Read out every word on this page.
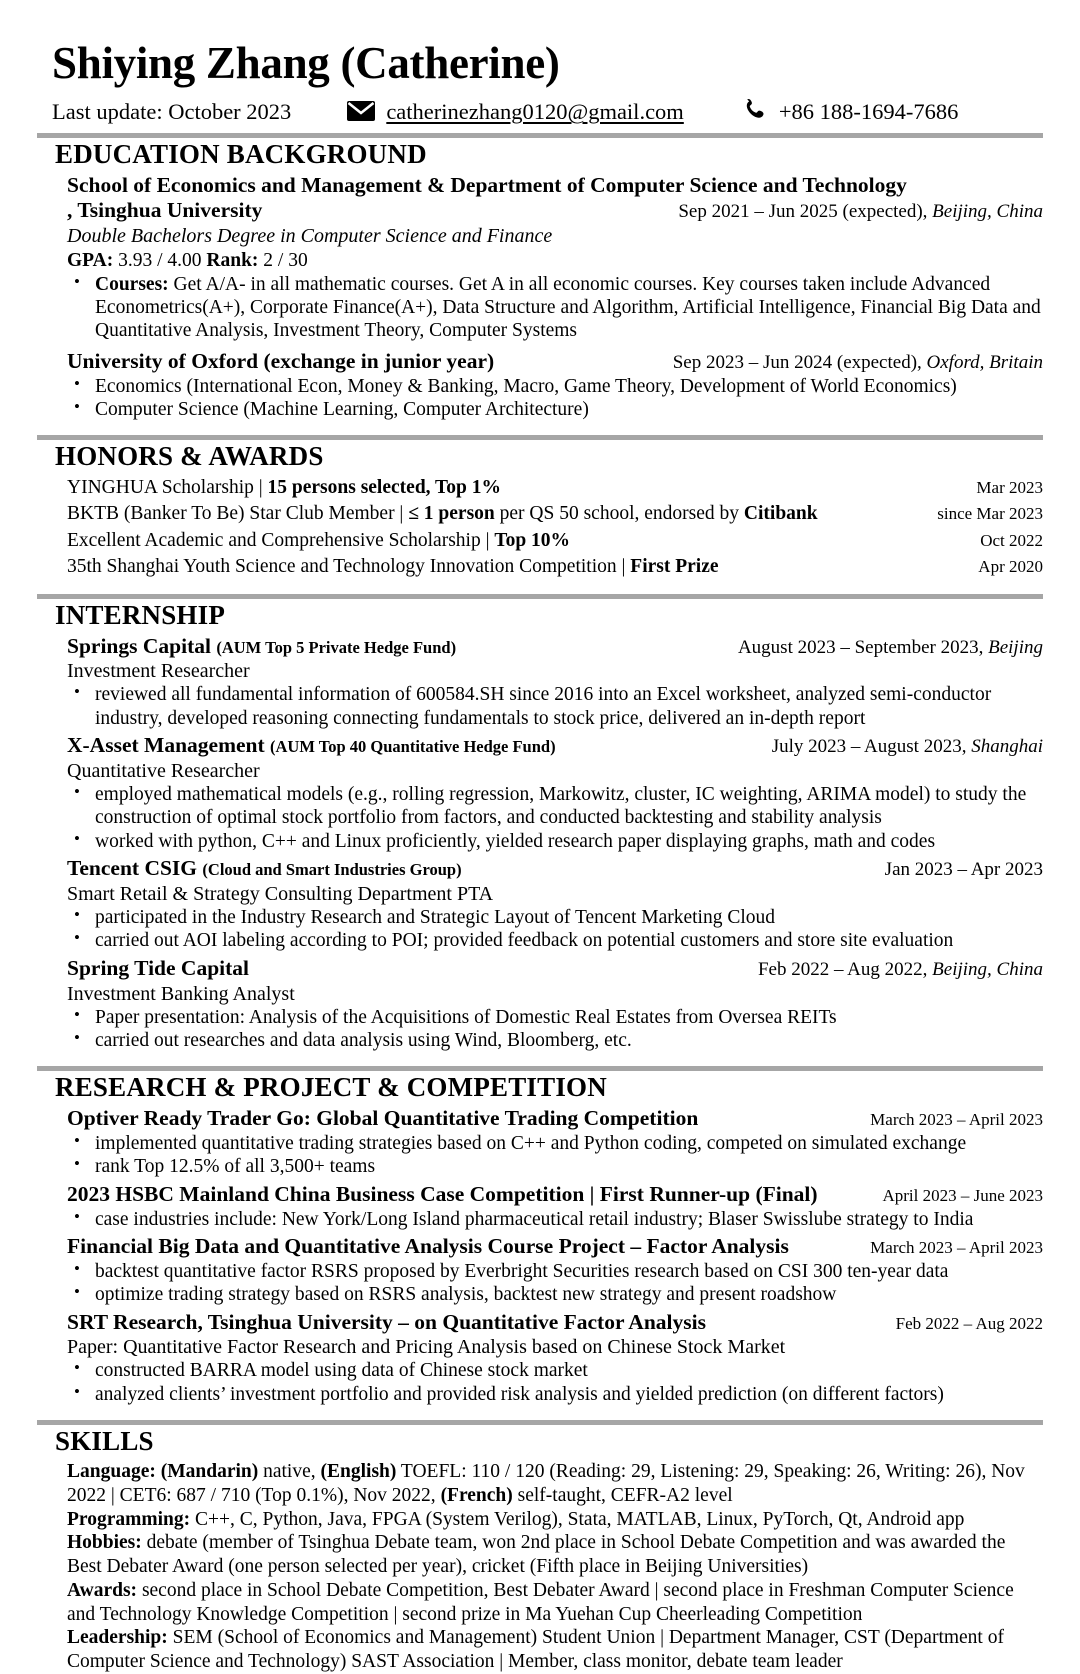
Shiying Zhang (Catherine)
Last update: October 2023	catherinezhang0120@gmail.com	+86 188-1694-7686
EDUCATION BACKGROUND
School of Economics and Management & Department of Computer Science and Technology
, Tsinghua University	Sep 2021 – Jun 2025 (expected), Beijing, China
Double Bachelors Degree in Computer Science and Finance
GPA: 3.93 / 4.00 Rank: 2 / 30
• Courses: Get A/A- in all mathematic courses. Get A in all economic courses. Key courses taken include Advanced Econometrics(A+), Corporate Finance(A+), Data Structure and Algorithm, Artificial Intelligence, Financial Big Data and Quantitative Analysis, Investment Theory, Computer Systems
University of Oxford (exchange in junior year)	Sep 2023 – Jun 2024 (expected), Oxford, Britain
• Economics (International Econ, Money & Banking, Macro, Game Theory, Development of World Economics)
• Computer Science (Machine Learning, Computer Architecture)
HONORS & AWARDS
YINGHUA Scholarship | 15 persons selected, Top 1%	Mar 2023
BKTB (Banker To Be) Star Club Member | ≤ 1 person per QS 50 school, endorsed by Citibank	since Mar 2023
Excellent Academic and Comprehensive Scholarship | Top 10%	Oct 2022
35th Shanghai Youth Science and Technology Innovation Competition | First Prize	Apr 2020
INTERNSHIP
Springs Capital (AUM Top 5 Private Hedge Fund)	August 2023 – September 2023, Beijing
Investment Researcher
• reviewed all fundamental information of 600584.SH since 2016 into an Excel worksheet, analyzed semi-conductor industry, developed reasoning connecting fundamentals to stock price, delivered an in-depth report
X-Asset Management (AUM Top 40 Quantitative Hedge Fund)	July 2023 – August 2023, Shanghai
Quantitative Researcher
• employed mathematical models (e.g., rolling regression, Markowitz, cluster, IC weighting, ARIMA model) to study the construction of optimal stock portfolio from factors, and conducted backtesting and stability analysis
• worked with python, C++ and Linux proficiently, yielded research paper displaying graphs, math and codes
Tencent CSIG (Cloud and Smart Industries Group)	Jan 2023 – Apr 2023
Smart Retail & Strategy Consulting Department PTA
• participated in the Industry Research and Strategic Layout of Tencent Marketing Cloud
• carried out AOI labeling according to POI; provided feedback on potential customers and store site evaluation
Spring Tide Capital	Feb 2022 – Aug 2022, Beijing, China
Investment Banking Analyst
• Paper presentation: Analysis of the Acquisitions of Domestic Real Estates from Oversea REITs
• carried out researches and data analysis using Wind, Bloomberg, etc.
RESEARCH & PROJECT & COMPETITION
Optiver Ready Trader Go: Global Quantitative Trading Competition	March 2023 – April 2023
• implemented quantitative trading strategies based on C++ and Python coding, competed on simulated exchange
• rank Top 12.5% of all 3,500+ teams
2023 HSBC Mainland China Business Case Competition | First Runner-up (Final)	April 2023 – June 2023
• case industries include: New York/Long Island pharmaceutical retail industry; Blaser Swisslube strategy to India
Financial Big Data and Quantitative Analysis Course Project – Factor Analysis	March 2023 – April 2023
• backtest quantitative factor RSRS proposed by Everbright Securities research based on CSI 300 ten-year data
• optimize trading strategy based on RSRS analysis, backtest new strategy and present roadshow
SRT Research, Tsinghua University – on Quantitative Factor Analysis	Feb 2022 – Aug 2022
Paper: Quantitative Factor Research and Pricing Analysis based on Chinese Stock Market
• constructed BARRA model using data of Chinese stock market
• analyzed clients’ investment portfolio and provided risk analysis and yielded prediction (on different factors)
SKILLS
Language: (Mandarin) native, (English) TOEFL: 110 / 120 (Reading: 29, Listening: 29, Speaking: 26, Writing: 26), Nov 2022 | CET6: 687 / 710 (Top 0.1%), Nov 2022, (French) self-taught, CEFR-A2 level
Programming: C++, C, Python, Java, FPGA (System Verilog), Stata, MATLAB, Linux, PyTorch, Qt, Android app
Hobbies: debate (member of Tsinghua Debate team, won 2nd place in School Debate Competition and was awarded the Best Debater Award (one person selected per year), cricket (Fifth place in Beijing Universities)
Awards: second place in School Debate Competition, Best Debater Award | second place in Freshman Computer Science and Technology Knowledge Competition | second prize in Ma Yuehan Cup Cheerleading Competition
Leadership: SEM (School of Economics and Management) Student Union | Department Manager, CST (Department of Computer Science and Technology) SAST Association | Member, class monitor, debate team leader
